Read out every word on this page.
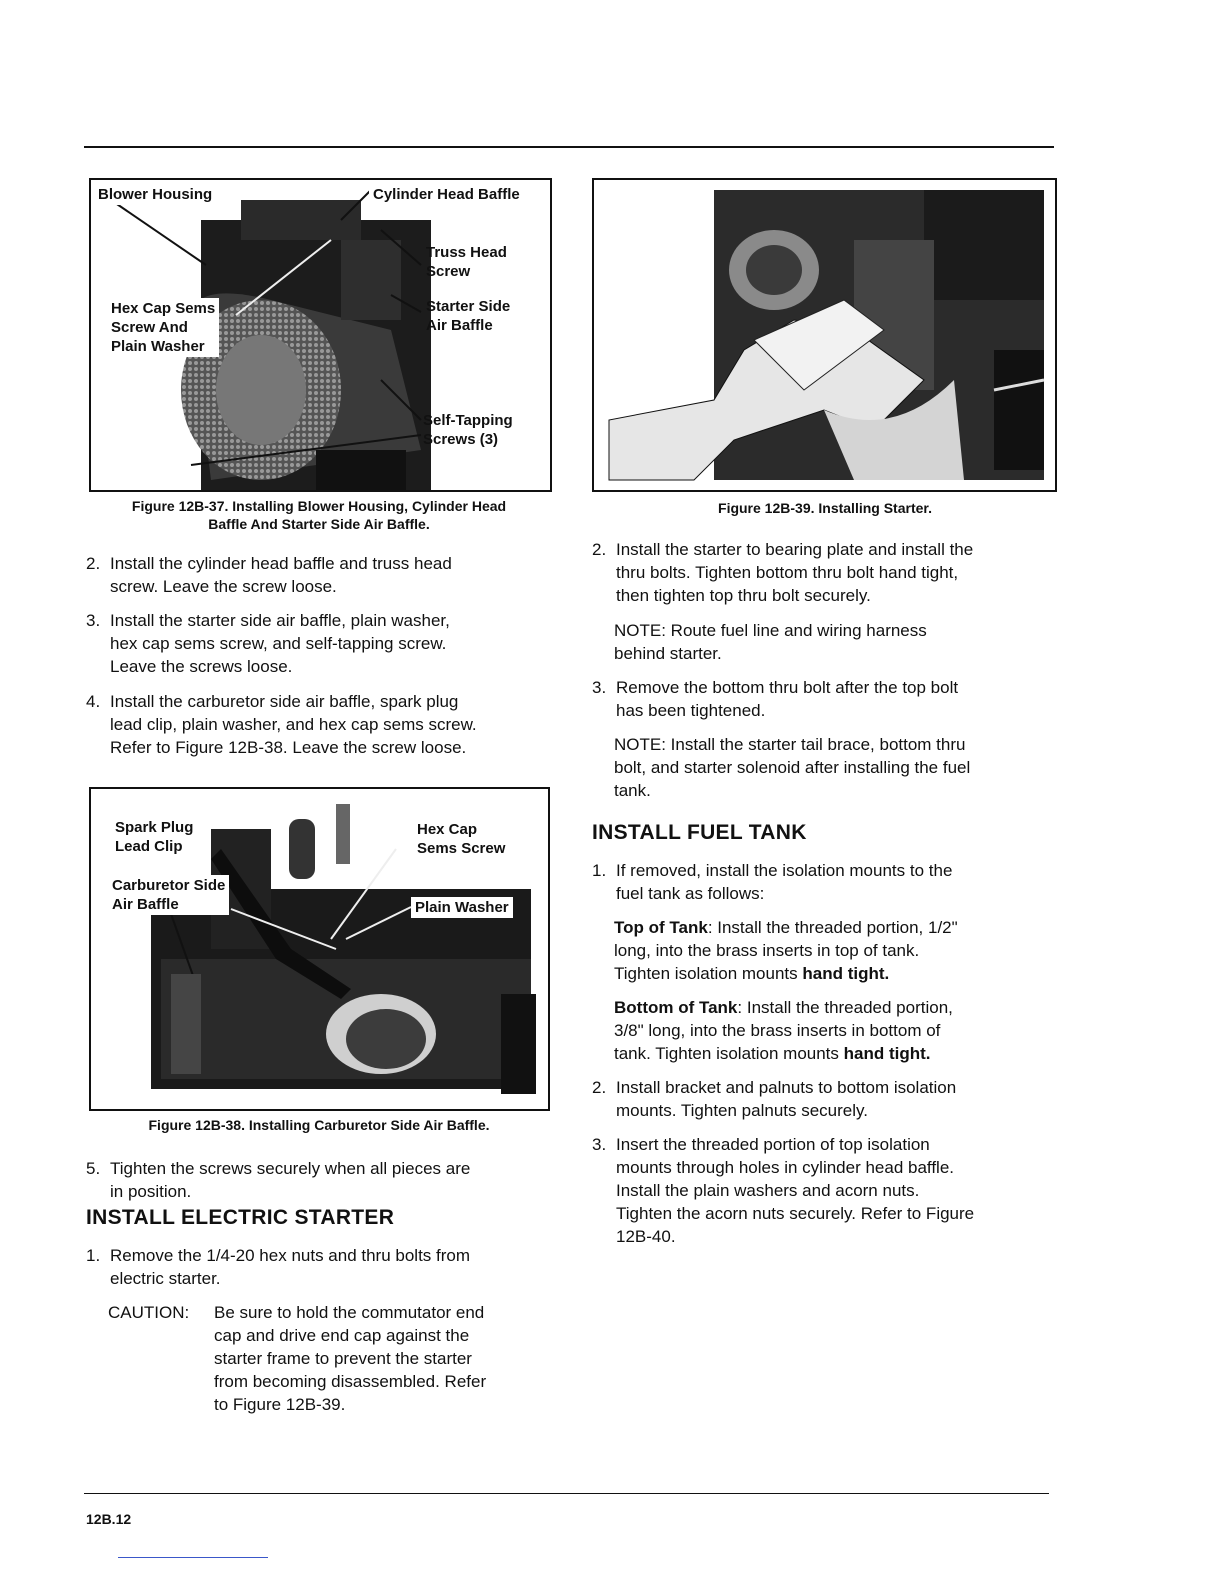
Blower Housing	Cylinder Head Baffle
Truss Head
Screw
Hex Cap Sems
Screw And
Plain Washer
Starter Side
Air Baffle
Self-Tapping
Screws (3)
Figure 12B-37. Installing Blower Housing, Cylinder Head
Baffle And Starter Side Air Baffle.
2. Install the cylinder head baffle and truss head
screw. Leave the screw loose.
3. Install the starter side air baffle, plain washer,
hex cap sems screw, and self-tapping screw.
Leave the screws loose.
4. Install the carburetor side air baffle, spark plug
lead clip, plain washer, and hex cap sems screw.
Refer to Figure 12B-38. Leave the screw loose.
Spark Plug
Lead Clip
Hex Cap
Sems Screw
Carburetor Side
Air Baffle	Plain Washer
Figure 12B-38. Installing Carburetor Side Air Baffle.
5. Tighten the screws securely when all pieces are
in position.
INSTALL ELECTRIC STARTER
1. Remove the 1/4-20 hex nuts and thru bolts from
electric starter.
CAUTION: Be sure to hold the commutator end
cap and drive end cap against the
starter frame to prevent the starter
from becoming disassembled. Refer
to Figure 12B-39.
Figure 12B-39. Installing Starter.
2. Install the starter to bearing plate and install the
thru bolts. Tighten bottom thru bolt hand tight,
then tighten top thru bolt securely.
NOTE: Route fuel line and wiring harness
behind starter.
3. Remove the bottom thru bolt after the top bolt
has been tightened.
NOTE: Install the starter tail brace, bottom thru
bolt, and starter solenoid after installing the fuel
tank.
INSTALL FUEL TANK
1. If removed, install the isolation mounts to the
fuel tank as follows:
Top of Tank: Install the threaded portion, 1/2"
long, into the brass inserts in top of tank.
Tighten isolation mounts hand tight.
Bottom of Tank: Install the threaded portion,
3/8" long, into the brass inserts in bottom of
tank. Tighten isolation mounts hand tight.
2. Install bracket and palnuts to bottom isolation
mounts. Tighten palnuts securely.
3. Insert the threaded portion of top isolation
mounts through holes in cylinder head baffle.
Install the plain washers and acorn nuts.
Tighten the acorn nuts securely. Refer to Figure
12B-40.
12B.12
